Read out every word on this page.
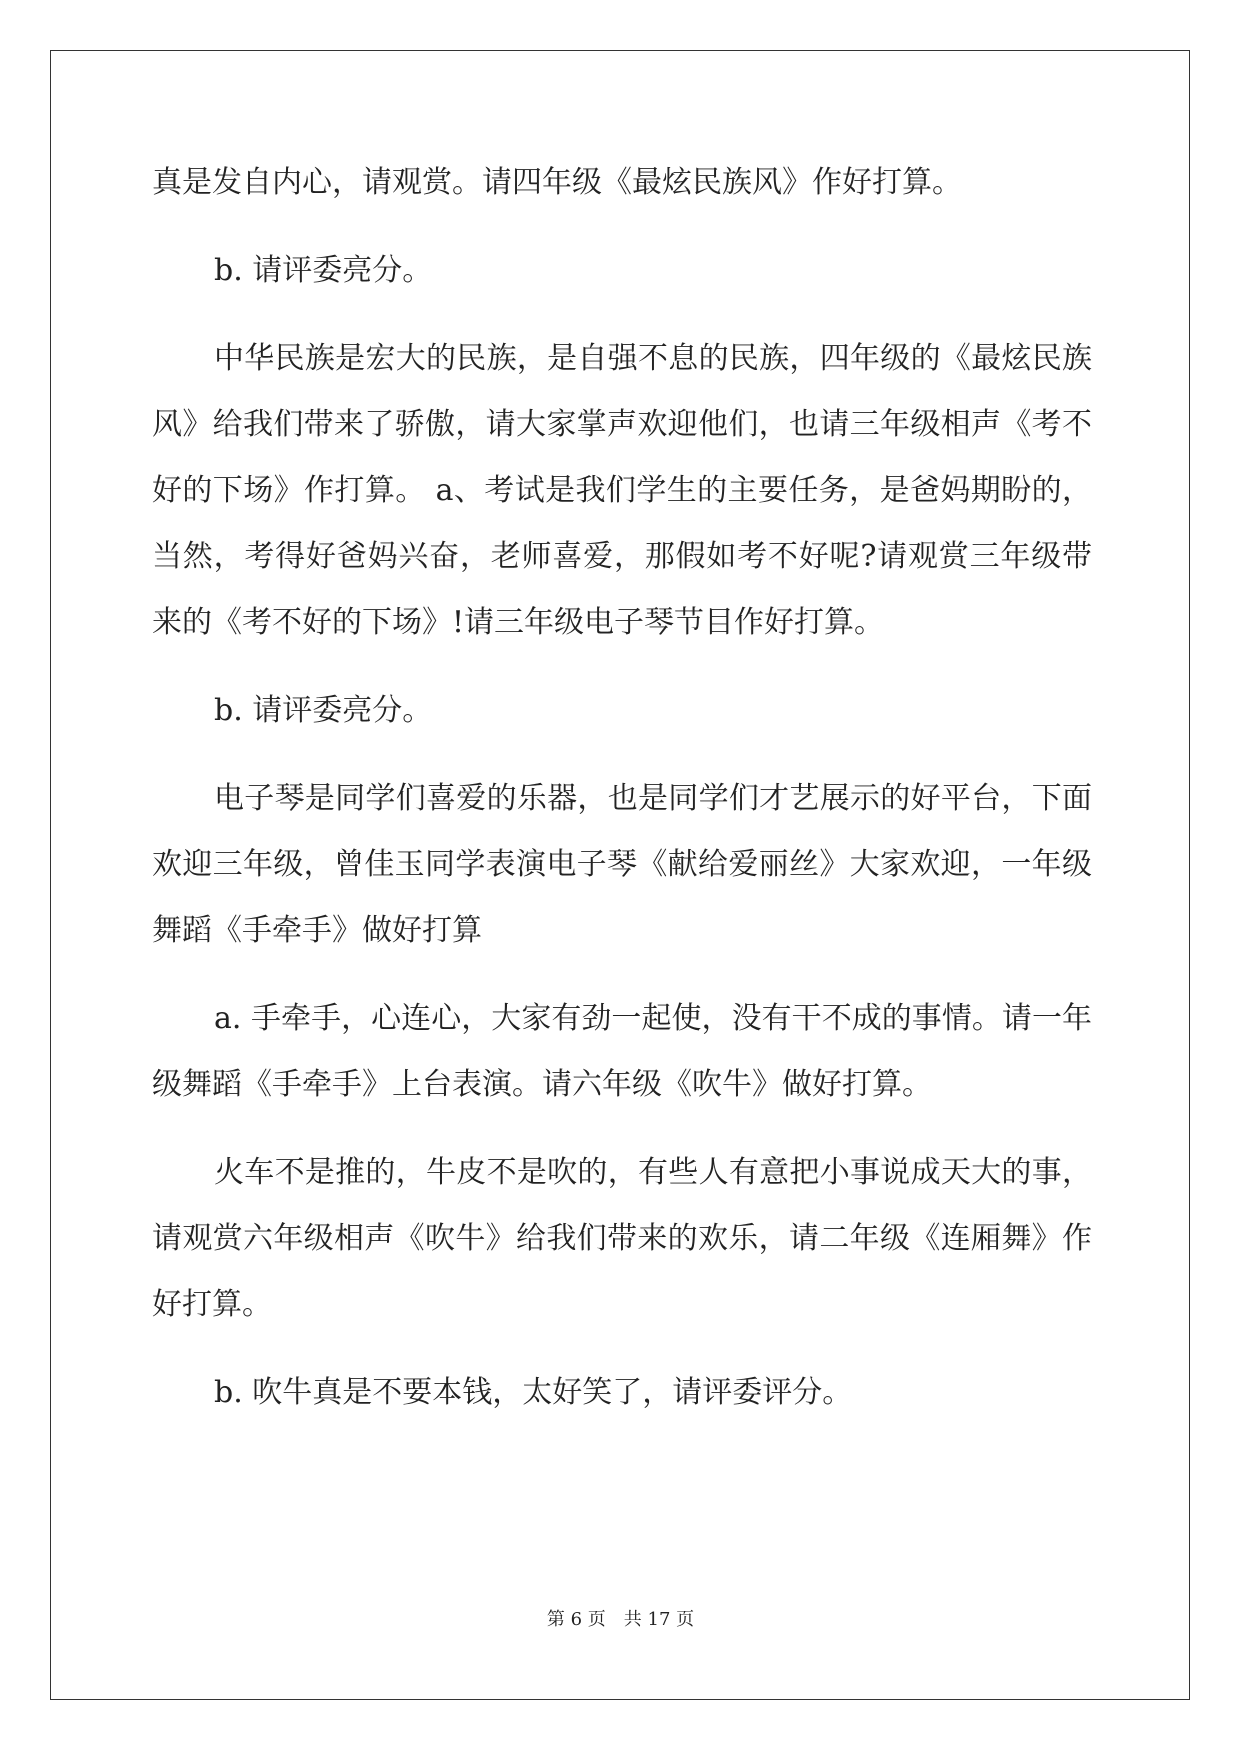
真是发自内心，请观赏。请四年级《最炫民族风》作好打算。

b. 请评委亮分。

中华民族是宏大的民族，是自强不息的民族，四年级的《最炫民族风》给我们带来了骄傲，请大家掌声欢迎他们，也请三年级相声《考不好的下场》作打算。 a、考试是我们学生的主要任务，是爸妈期盼的，当然，考得好爸妈兴奋，老师喜爱，那假如考不好呢?请观赏三年级带来的《考不好的下场》!请三年级电子琴节目作好打算。

b. 请评委亮分。

电子琴是同学们喜爱的乐器，也是同学们才艺展示的好平台，下面欢迎三年级，曾佳玉同学表演电子琴《献给爱丽丝》大家欢迎，一年级舞蹈《手牵手》做好打算

a. 手牵手，心连心，大家有劲一起使，没有干不成的事情。请一年级舞蹈《手牵手》上台表演。请六年级《吹牛》做好打算。

火车不是推的，牛皮不是吹的，有些人有意把小事说成天大的事，请观赏六年级相声《吹牛》给我们带来的欢乐，请二年级《连厢舞》作好打算。

b. 吹牛真是不要本钱，太好笑了，请评委评分。

第 6 页　共 17 页
